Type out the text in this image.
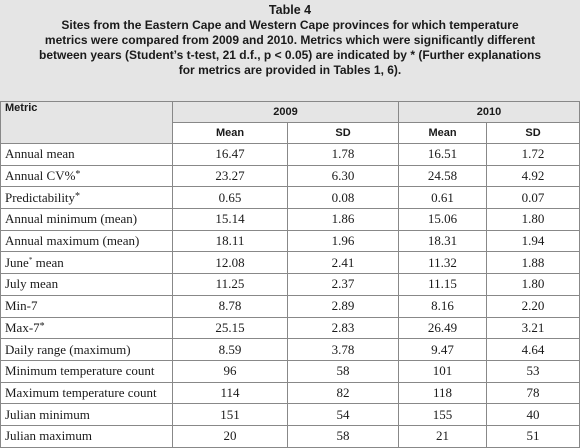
Table 4
Sites from the Eastern Cape and Western Cape provinces for which temperature
metrics were compared from 2009 and 2010. Metrics which were significantly different
between years (Student’s t-test, 21 d.f., p < 0.05) are indicated by * (Further explanations
for metrics are provided in Tables 1, 6).
Metric	2009		2010	
	Mean	SD	Mean	SD
Annual mean	16.47	1.78	16.51	1.72
Annual CV%*	23.27	6.30	24.58	4.92
Predictability*	0.65	0.08	0.61	0.07
Annual minimum (mean)	15.14	1.86	15.06	1.80
Annual maximum (mean)	18.11	1.96	18.31	1.94
June* mean	12.08	2.41	11.32	1.88
July mean	11.25	2.37	11.15	1.80
Min-7	8.78	2.89	8.16	2.20
Max-7*	25.15	2.83	26.49	3.21
Daily range (maximum)	8.59	3.78	9.47	4.64
Minimum temperature count	96	58	101	53
Maximum temperature count	114	82	118	78
Julian minimum	151	54	155	40
Julian maximum	20	58	21	51
